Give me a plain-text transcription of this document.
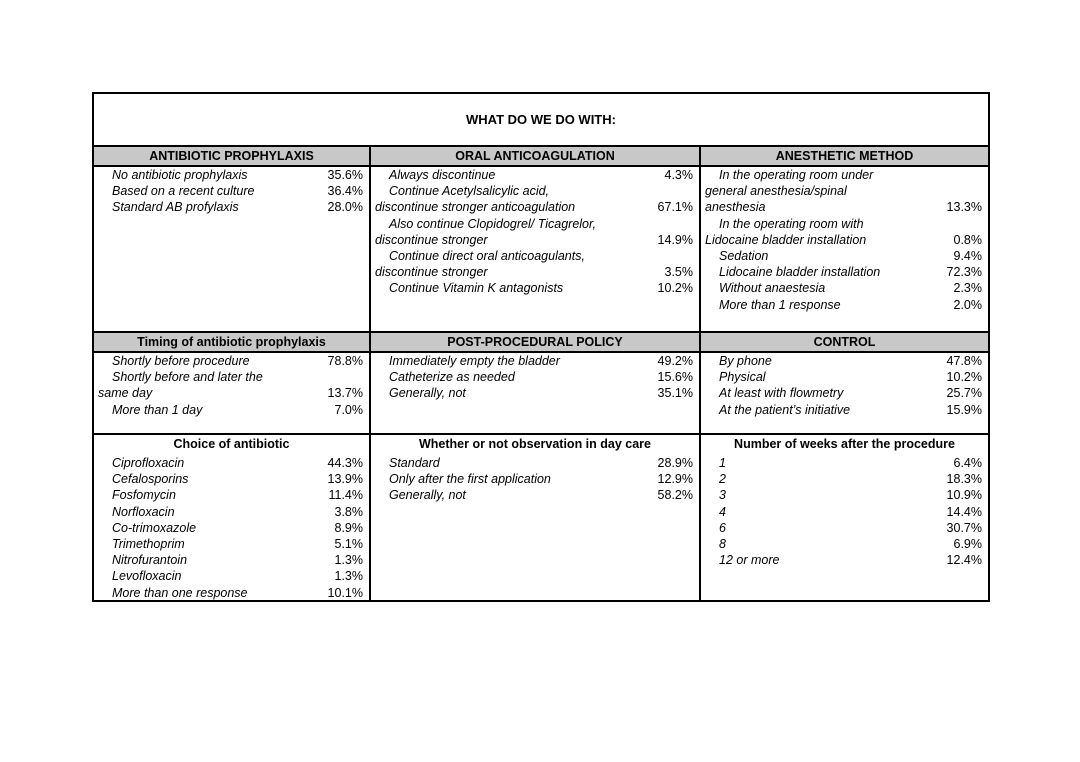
WHAT DO WE DO WITH:
ANTIBIOTIC PROPHYLAXIS
No antibiotic prophylaxis	35.6%
Based on a recent culture	36.4%
Standard AB profylaxis	28.0%
ORAL ANTICOAGULATION
Always discontinue	4.3%
Continue Acetylsalicylic acid,
discontinue stronger anticoagulation	67.1%
Also continue Clopidogrel/ Ticagrelor,
discontinue stronger	14.9%
Continue direct oral anticoagulants,
discontinue stronger	3.5%
Continue Vitamin K antagonists	10.2%
ANESTHETIC METHOD
In the operating room under
general anesthesia/spinal
anesthesia	13.3%
In the operating room with
Lidocaine bladder installation	0.8%
Sedation	9.4%
Lidocaine bladder installation	72.3%
Without anaestesia	2.3%
More than 1 response	2.0%
Timing of antibiotic prophylaxis
Shortly before procedure	78.8%
Shortly before and later the
same day	13.7%
More than 1 day	7.0%
POST-PROCEDURAL POLICY
Immediately empty the bladder	49.2%
Catheterize as needed	15.6%
Generally, not	35.1%
CONTROL
By phone	47.8%
Physical	10.2%
At least with flowmetry	25.7%
At the patient’s initiative	15.9%
Choice of antibiotic
Ciprofloxacin	44.3%
Cefalosporins	13.9%
Fosfomycin	11.4%
Norfloxacin	3.8%
Co-trimoxazole	8.9%
Trimethoprim	5.1%
Nitrofurantoin	1.3%
Levofloxacin	1.3%
More than one response	10.1%
Whether or not observation in day care
Standard	28.9%
Only after the first application	12.9%
Generally, not	58.2%
Number of weeks after the procedure
1	6.4%
2	18.3%
3	10.9%
4	14.4%
6	30.7%
8	6.9%
12 or more	12.4%
